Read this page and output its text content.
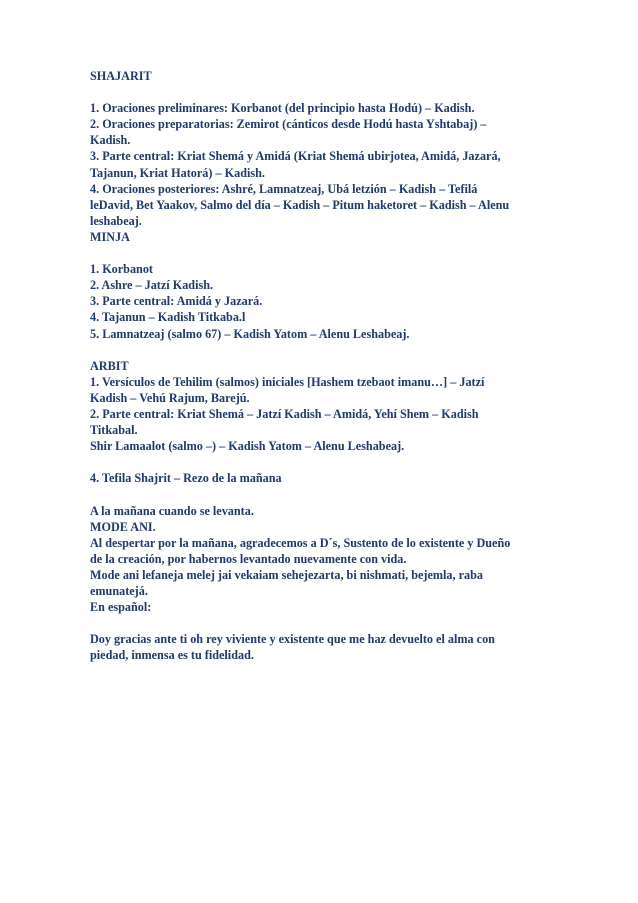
SHAJARIT
1. Oraciones preliminares: Korbanot (del principio hasta Hodú) – Kadish.
2. Oraciones preparatorias: Zemirot (cánticos desde Hodú hasta Yshtabaj) –
Kadish.
3. Parte central: Kriat Shemá y Amidá (Kriat Shemá ubirjotea, Amidá, Jazará,
Tajanun, Kriat Hatorá) – Kadish.
4. Oraciones posteriores: Ashré, Lamnatzeaj, Ubá letzión – Kadish – Tefilá
leDavid, Bet Yaakov, Salmo del día – Kadish – Pitum haketoret – Kadish – Alenu
leshabeaj.
MINJA
1. Korbanot
2. Ashre – Jatzí Kadish.
3. Parte central: Amidá y Jazará.
4. Tajanun – Kadish Titkaba.l
5. Lamnatzeaj (salmo 67) – Kadish Yatom – Alenu Leshabeaj.
ARBIT
1. Versículos de Tehilim (salmos) iniciales [Hashem tzebaot imanu…] – Jatzí
Kadish – Vehú Rajum, Barejú.
2. Parte central: Kriat Shemá – Jatzí Kadish – Amidá, Yehí Shem – Kadish
Titkabal.
Shir Lamaalot (salmo –) – Kadish Yatom – Alenu Leshabeaj.
4. Tefila Shajrit – Rezo de la mañana
A la mañana cuando se levanta.
MODE ANI.
Al despertar por la mañana, agradecemos a D´s, Sustento de lo existente y Dueño
de la creación, por habernos levantado nuevamente con vida.
Mode ani lefaneja melej jai vekaiam sehejezarta, bi nishmati, bejemla, raba
emunatejá.
En español:
Doy gracias ante ti oh rey viviente y existente que me haz devuelto el alma con
piedad, inmensa es tu fidelidad.
